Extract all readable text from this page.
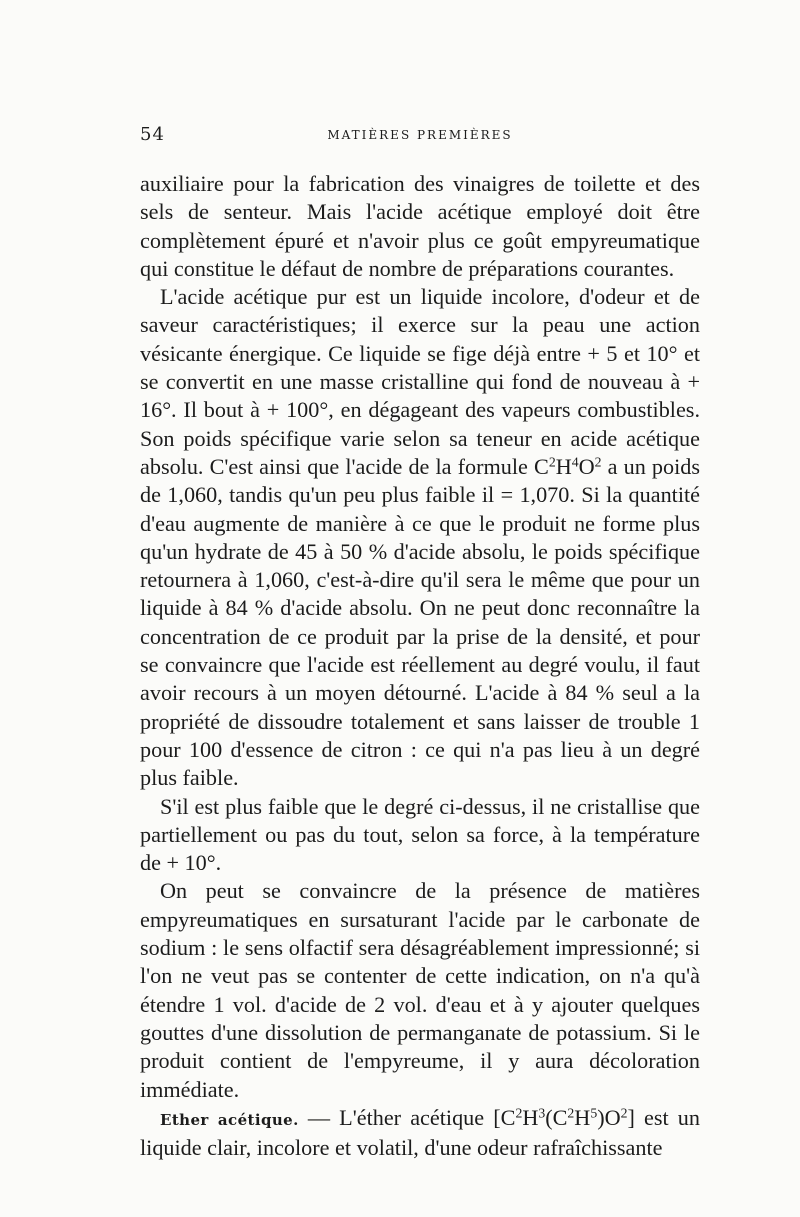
54	MATIÈRES PREMIÈRES

auxiliaire pour la fabrication des vinaigres de toilette et des sels de senteur. Mais l'acide acétique employé doit être complètement épuré et n'avoir plus ce goût empyreumatique qui constitue le défaut de nombre de préparations courantes.

L'acide acétique pur est un liquide incolore, d'odeur et de saveur caractéristiques; il exerce sur la peau une action vésicante énergique. Ce liquide se fige déjà entre + 5 et 10° et se convertit en une masse cristalline qui fond de nouveau à + 16°. Il bout à + 100°, en dégageant des vapeurs combustibles. Son poids spécifique varie selon sa teneur en acide acétique absolu. C'est ainsi que l'acide de la formule $C^2H^4O^2$ a un poids de 1,060, tandis qu'un peu plus faible il = 1,070. Si la quantité d'eau augmente de manière à ce que le produit ne forme plus qu'un hydrate de 45 à 50 % d'acide absolu, le poids spécifique retournera à 1,060, c'est-à-dire qu'il sera le même que pour un liquide à 84 % d'acide absolu. On ne peut donc reconnaître la concentration de ce produit par la prise de la densité, et pour se convaincre que l'acide est réellement au degré voulu, il faut avoir recours à un moyen détourné. L'acide à 84 % seul a la propriété de dissoudre totalement et sans laisser de trouble 1 pour 100 d'essence de citron : ce qui n'a pas lieu à un degré plus faible.

S'il est plus faible que le degré ci-dessus, il ne cristallise que partiellement ou pas du tout, selon sa force, à la température de + 10°.

On peut se convaincre de la présence de matières empyreumatiques en sursaturant l'acide par le carbonate de sodium : le sens olfactif sera désagréablement impressionné; si l'on ne veut pas se contenter de cette indication, on n'a qu'à étendre 1 vol. d'acide de 2 vol. d'eau et à y ajouter quelques gouttes d'une dissolution de permanganate de potassium. Si le produit contient de l'empyreume, il y aura décoloration immédiate.

Ether acétique. — L'éther acétique $[C^2H^3(C^2H^5)O^2]$ est un liquide clair, incolore et volatil, d'une odeur rafraîchissante
